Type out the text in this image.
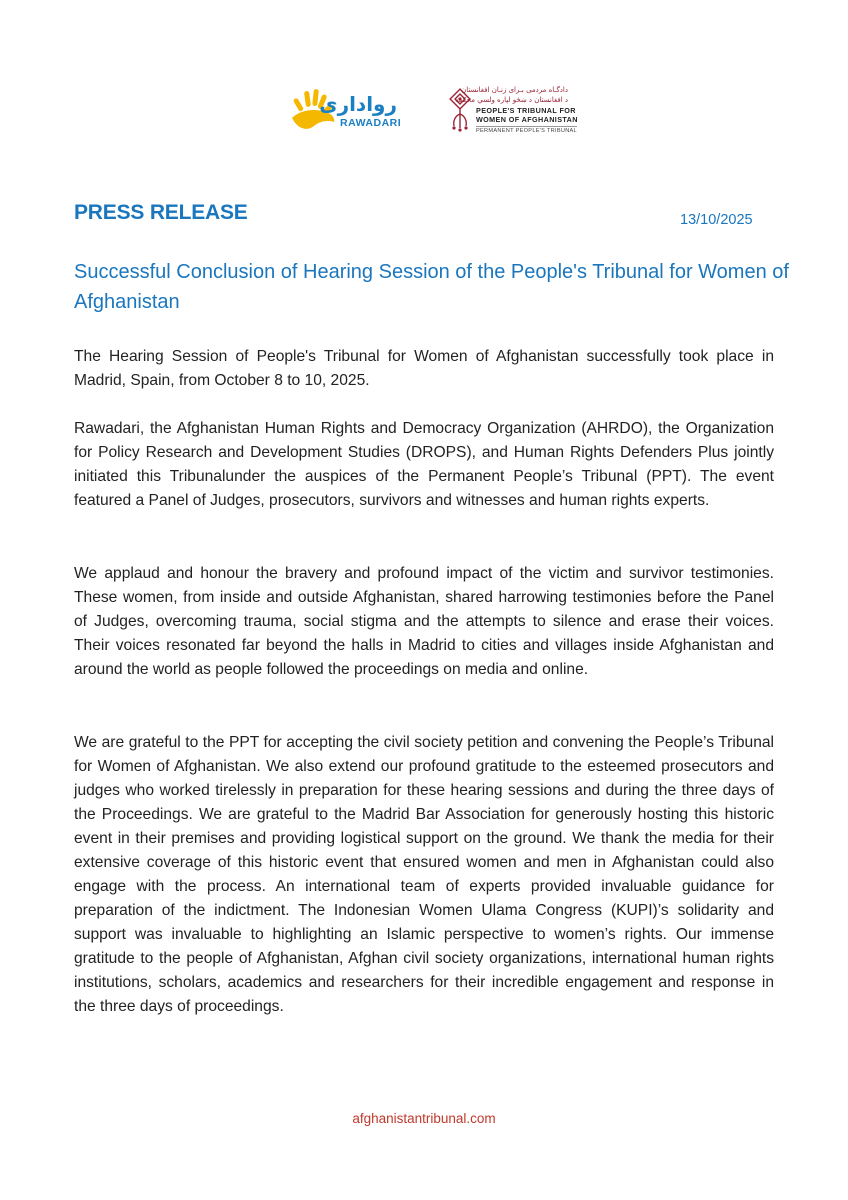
رواداری
RAWADARI
دادگـاه مردمی بـرای زنـان افغانستان
د افغانستان د ښځو لپاره ولسي محکمه
PEOPLE'S TRIBUNAL FOR
WOMEN OF AFGHANISTAN
PERMANENT PEOPLE'S TRIBUNAL
PRESS RELEASE	13/10/2025
Successful Conclusion of Hearing Session of the People's Tribunal for Women of Afghanistan

The Hearing Session of People's Tribunal for Women of Afghanistan successfully took place in Madrid, Spain, from October 8 to 10, 2025.

Rawadari, the Afghanistan Human Rights and Democracy Organization (AHRDO), the Organization for Policy Research and Development Studies (DROPS), and Human Rights Defenders Plus jointly initiated this Tribunalunder the auspices of the Permanent People’s Tribunal (PPT). The event featured a Panel of Judges, prosecutors, survivors and witnesses and human rights experts.

We applaud and honour the bravery and profound impact of the victim and survivor testimonies. These women, from inside and outside Afghanistan, shared harrowing testimonies before the Panel of Judges, overcoming trauma, social stigma and the attempts to silence and erase their voices. Their voices resonated far beyond the halls in Madrid to cities and villages inside Afghanistan and around the world as people followed the proceedings on media and online.

We are grateful to the PPT for accepting the civil society petition and convening the People’s Tribunal for Women of Afghanistan. We also extend our profound gratitude to the esteemed prosecutors and judges who worked tirelessly in preparation for these hearing sessions and during the three days of the Proceedings. We are grateful to the Madrid Bar Association for generously hosting this historic event in their premises and providing logistical support on the ground. We thank the media for their extensive coverage of this historic event that ensured women and men in Afghanistan could also engage with the process. An international team of experts provided invaluable guidance for preparation of the indictment. The Indonesian Women Ulama Congress (KUPI)’s solidarity and support was invaluable to highlighting an Islamic perspective to women’s rights. Our immense gratitude to the people of Afghanistan, Afghan civil society organizations, international human rights institutions, scholars, academics and researchers for their incredible engagement and response in the three days of proceedings.

afghanistantribunal.com
